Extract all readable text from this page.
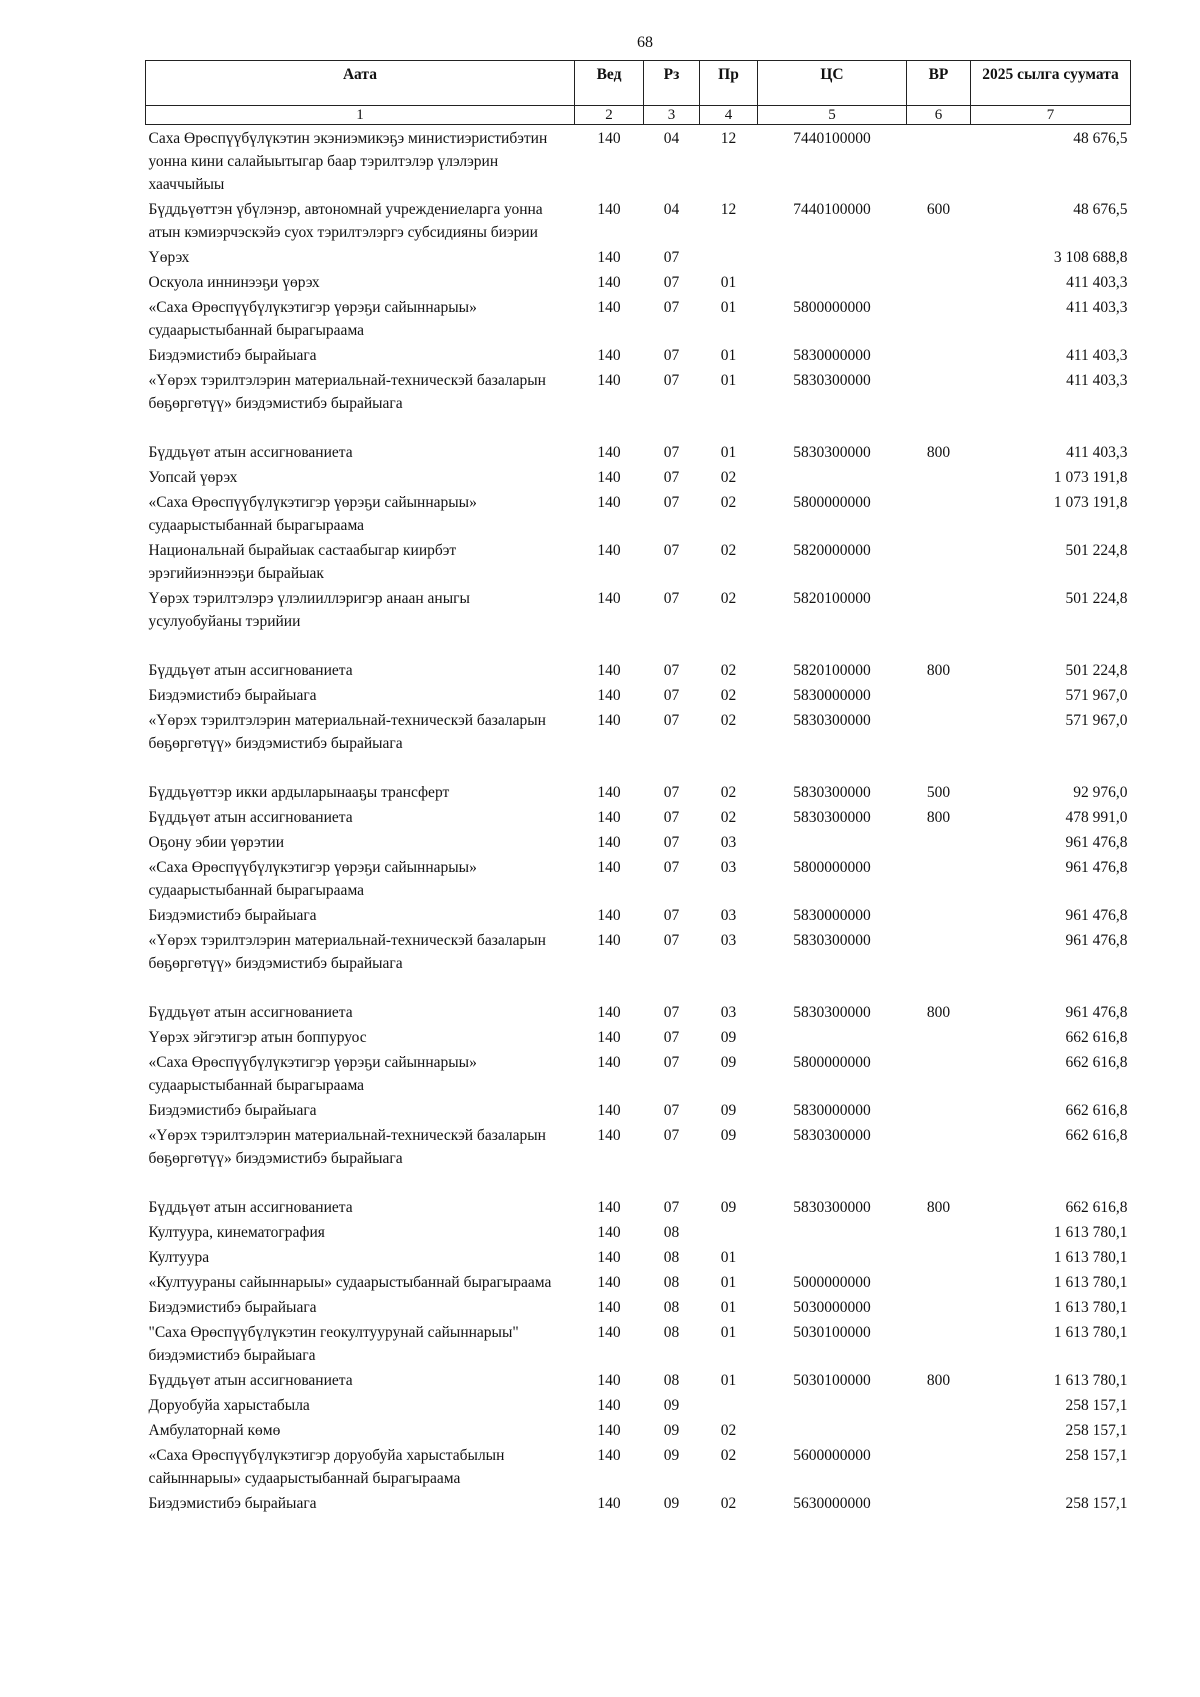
68
Аата	Вед	Рз	Пр	ЦС	ВР	2025 сылга суумата
1	2	3	4	5	6	7
Саха Өрөспүүбүлүкэтин экэниэмикэҕэ министиэристибэтин уонна кини салайыытыгар баар тэрилтэлэр үлэлэрин хааччыйыы	140	04	12	7440100000		48 676,5
Бүддьүөттэн үбүлэнэр, автономнай учреждениеларга уонна атын кэмиэрчэскэйэ суох тэрилтэлэргэ субсидияны биэрии	140	04	12	7440100000	600	48 676,5
Үөрэх	140	07				3 108 688,8
Оскуола иннинээҕи үөрэх	140	07	01			411 403,3
«Саха Өрөспүүбүлүкэтигэр үөрэҕи сайыннарыы» судаарыстыбаннай бырагыраама	140	07	01	5800000000		411 403,3
Биэдэмистибэ бырайыага	140	07	01	5830000000		411 403,3
«Үөрэх тэрилтэлэрин материальнай-техническэй базаларын бөҕөргөтүү» биэдэмистибэ бырайыага	140	07	01	5830300000		411 403,3
Бүддьүөт атын ассигнованиета	140	07	01	5830300000	800	411 403,3
Уопсай үөрэх	140	07	02			1 073 191,8
«Саха Өрөспүүбүлүкэтигэр үөрэҕи сайыннарыы» судаарыстыбаннай бырагыраама	140	07	02	5800000000		1 073 191,8
Национальнай бырайыак састаабыгар киирбэт эрэгийиэннээҕи бырайыак	140	07	02	5820000000		501 224,8
Үөрэх тэрилтэлэрэ үлэлииллэригэр анаан аныгы усулуобуйаны тэрийии	140	07	02	5820100000		501 224,8
Бүддьүөт атын ассигнованиета	140	07	02	5820100000	800	501 224,8
Биэдэмистибэ бырайыага	140	07	02	5830000000		571 967,0
«Үөрэх тэрилтэлэрин материальнай-техническэй базаларын бөҕөргөтүү» биэдэмистибэ бырайыага	140	07	02	5830300000		571 967,0
Бүддьүөттэр икки ардыларынааҕы трансферт	140	07	02	5830300000	500	92 976,0
Бүддьүөт атын ассигнованиета	140	07	02	5830300000	800	478 991,0
Оҕону эбии үөрэтии	140	07	03			961 476,8
«Саха Өрөспүүбүлүкэтигэр үөрэҕи сайыннарыы» судаарыстыбаннай бырагыраама	140	07	03	5800000000		961 476,8
Биэдэмистибэ бырайыага	140	07	03	5830000000		961 476,8
«Үөрэх тэрилтэлэрин материальнай-техническэй базаларын бөҕөргөтүү» биэдэмистибэ бырайыага	140	07	03	5830300000		961 476,8
Бүддьүөт атын ассигнованиета	140	07	03	5830300000	800	961 476,8
Үөрэх эйгэтигэр атын боппуруос	140	07	09			662 616,8
«Саха Өрөспүүбүлүкэтигэр үөрэҕи сайыннарыы» судаарыстыбаннай бырагыраама	140	07	09	5800000000		662 616,8
Биэдэмистибэ бырайыага	140	07	09	5830000000		662 616,8
«Үөрэх тэрилтэлэрин материальнай-техническэй базаларын бөҕөргөтүү» биэдэмистибэ бырайыага	140	07	09	5830300000		662 616,8
Бүддьүөт атын ассигнованиета	140	07	09	5830300000	800	662 616,8
Култуура, кинематография	140	08				1 613 780,1
Култуура	140	08	01			1 613 780,1
«Култуураны сайыннарыы» судаарыстыбаннай бырагыраама	140	08	01	5000000000		1 613 780,1
Биэдэмистибэ бырайыага	140	08	01	5030000000		1 613 780,1
"Саха Өрөспүүбүлүкэтин геокултуурунай сайыннарыы" биэдэмистибэ бырайыага	140	08	01	5030100000		1 613 780,1
Бүддьүөт атын ассигнованиета	140	08	01	5030100000	800	1 613 780,1
Доруобуйа харыстабыла	140	09				258 157,1
Амбулаторнай көмө	140	09	02			258 157,1
«Саха Өрөспүүбүлүкэтигэр доруобуйа харыстабылын сайыннарыы» судаарыстыбаннай бырагыраама	140	09	02	5600000000		258 157,1
Биэдэмистибэ бырайыага	140	09	02	5630000000		258 157,1
